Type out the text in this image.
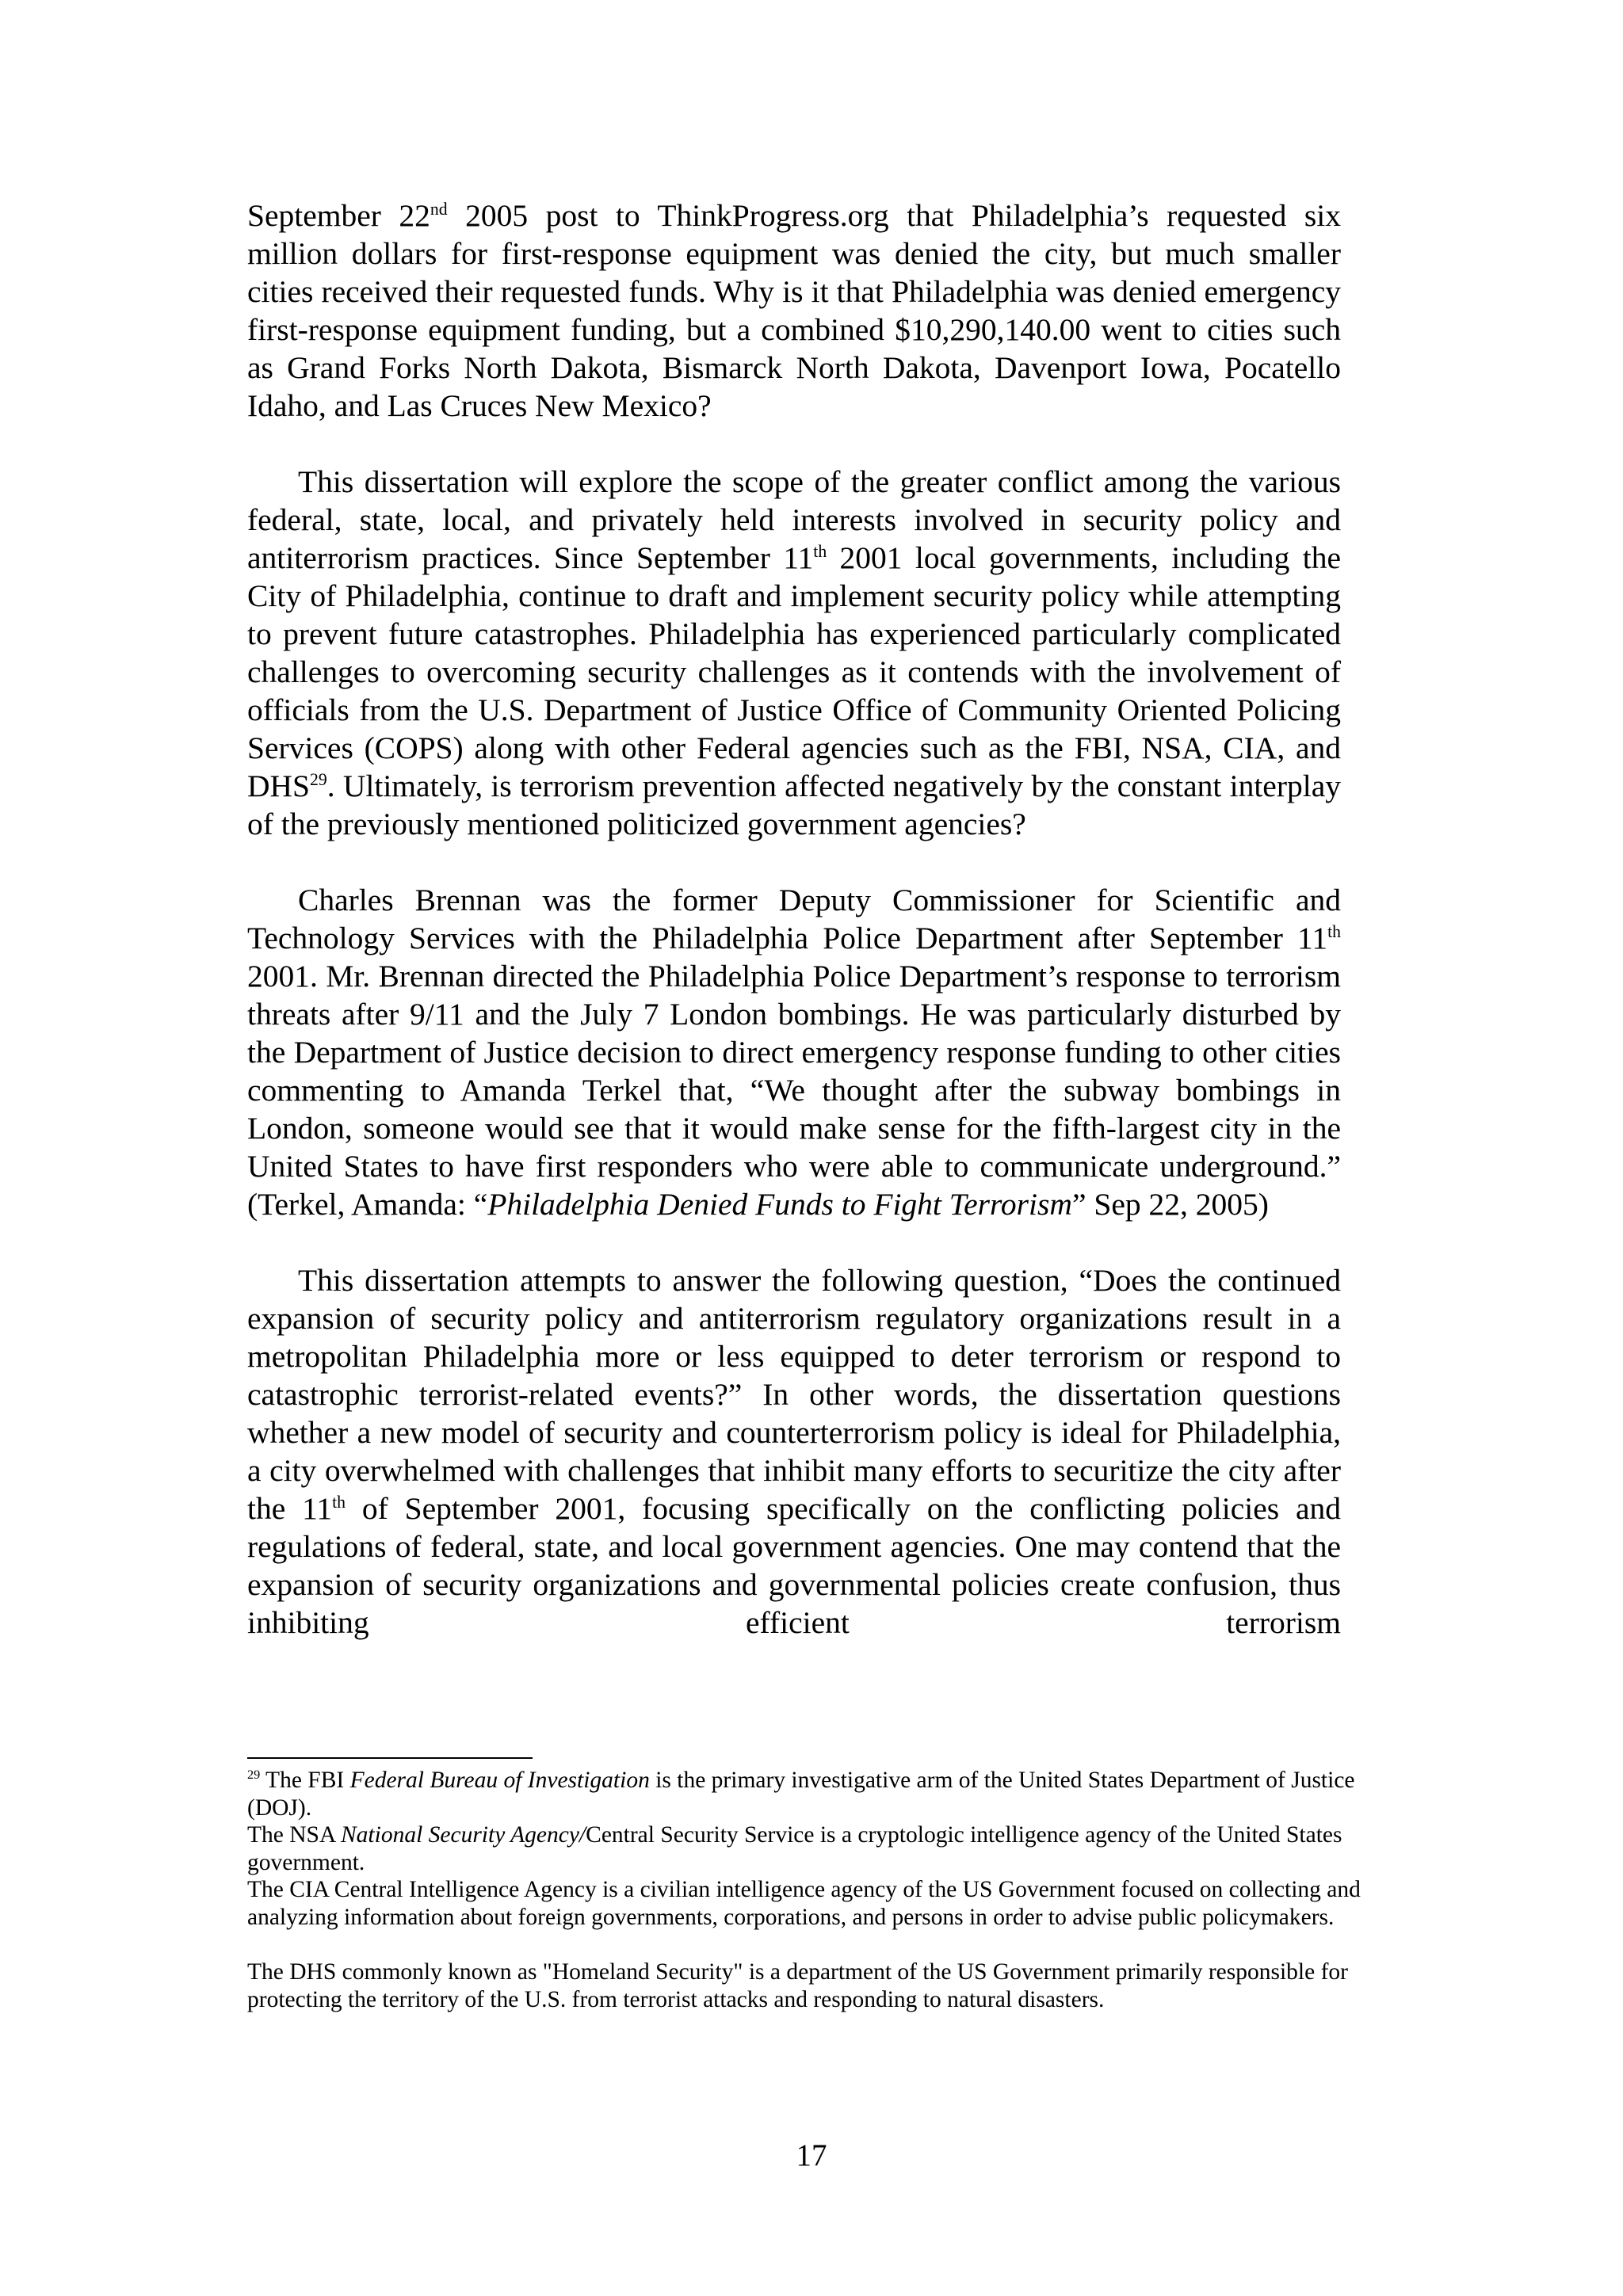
September 22nd 2005 post to ThinkProgress.org that Philadelphia’s requested six million dollars for first-response equipment was denied the city, but much smaller cities received their requested funds. Why is it that Philadelphia was denied emergency first-response equipment funding, but a combined $10,290,140.00 went to cities such as Grand Forks North Dakota, Bismarck North Dakota, Davenport Iowa, Pocatello Idaho, and Las Cruces New Mexico?

This dissertation will explore the scope of the greater conflict among the various federal, state, local, and privately held interests involved in security policy and antiterrorism practices. Since September 11th 2001 local governments, including the City of Philadelphia, continue to draft and implement security policy while attempting to prevent future catastrophes. Philadelphia has experienced particularly complicated challenges to overcoming security challenges as it contends with the involvement of officials from the U.S. Department of Justice Office of Community Oriented Policing Services (COPS) along with other Federal agencies such as the FBI, NSA, CIA, and DHS$^{29}$. Ultimately, is terrorism prevention affected negatively by the constant interplay of the previously mentioned politicized government agencies?

Charles Brennan was the former Deputy Commissioner for Scientific and Technology Services with the Philadelphia Police Department after September 11th 2001. Mr. Brennan directed the Philadelphia Police Department’s response to terrorism threats after 9/11 and the July 7 London bombings. He was particularly disturbed by the Department of Justice decision to direct emergency response funding to other cities commenting to Amanda Terkel that, “We thought after the subway bombings in London, someone would see that it would make sense for the fifth-largest city in the United States to have first responders who were able to communicate underground.” (Terkel, Amanda: “Philadelphia Denied Funds to Fight Terrorism” Sep 22, 2005)

This dissertation attempts to answer the following question, “Does the continued expansion of security policy and antiterrorism regulatory organizations result in a metropolitan Philadelphia more or less equipped to deter terrorism or respond to catastrophic terrorist-related events?” In other words, the dissertation questions whether a new model of security and counterterrorism policy is ideal for Philadelphia, a city overwhelmed with challenges that inhibit many efforts to securitize the city after the 11th of September 2001, focusing specifically on the conflicting policies and regulations of federal, state, and local government agencies. One may contend that the expansion of security organizations and governmental policies create confusion, thus inhibiting efficient terrorism

$^{29}$ The FBI Federal Bureau of Investigation is the primary investigative arm of the United States Department of Justice (DOJ).

The NSA National Security Agency/Central Security Service is a cryptologic intelligence agency of the United States government.

The CIA Central Intelligence Agency is a civilian intelligence agency of the US Government focused on collecting and analyzing information about foreign governments, corporations, and persons in order to advise public policymakers.

The DHS commonly known as "Homeland Security" is a department of the US Government primarily responsible for protecting the territory of the U.S. from terrorist attacks and responding to natural disasters.

17
